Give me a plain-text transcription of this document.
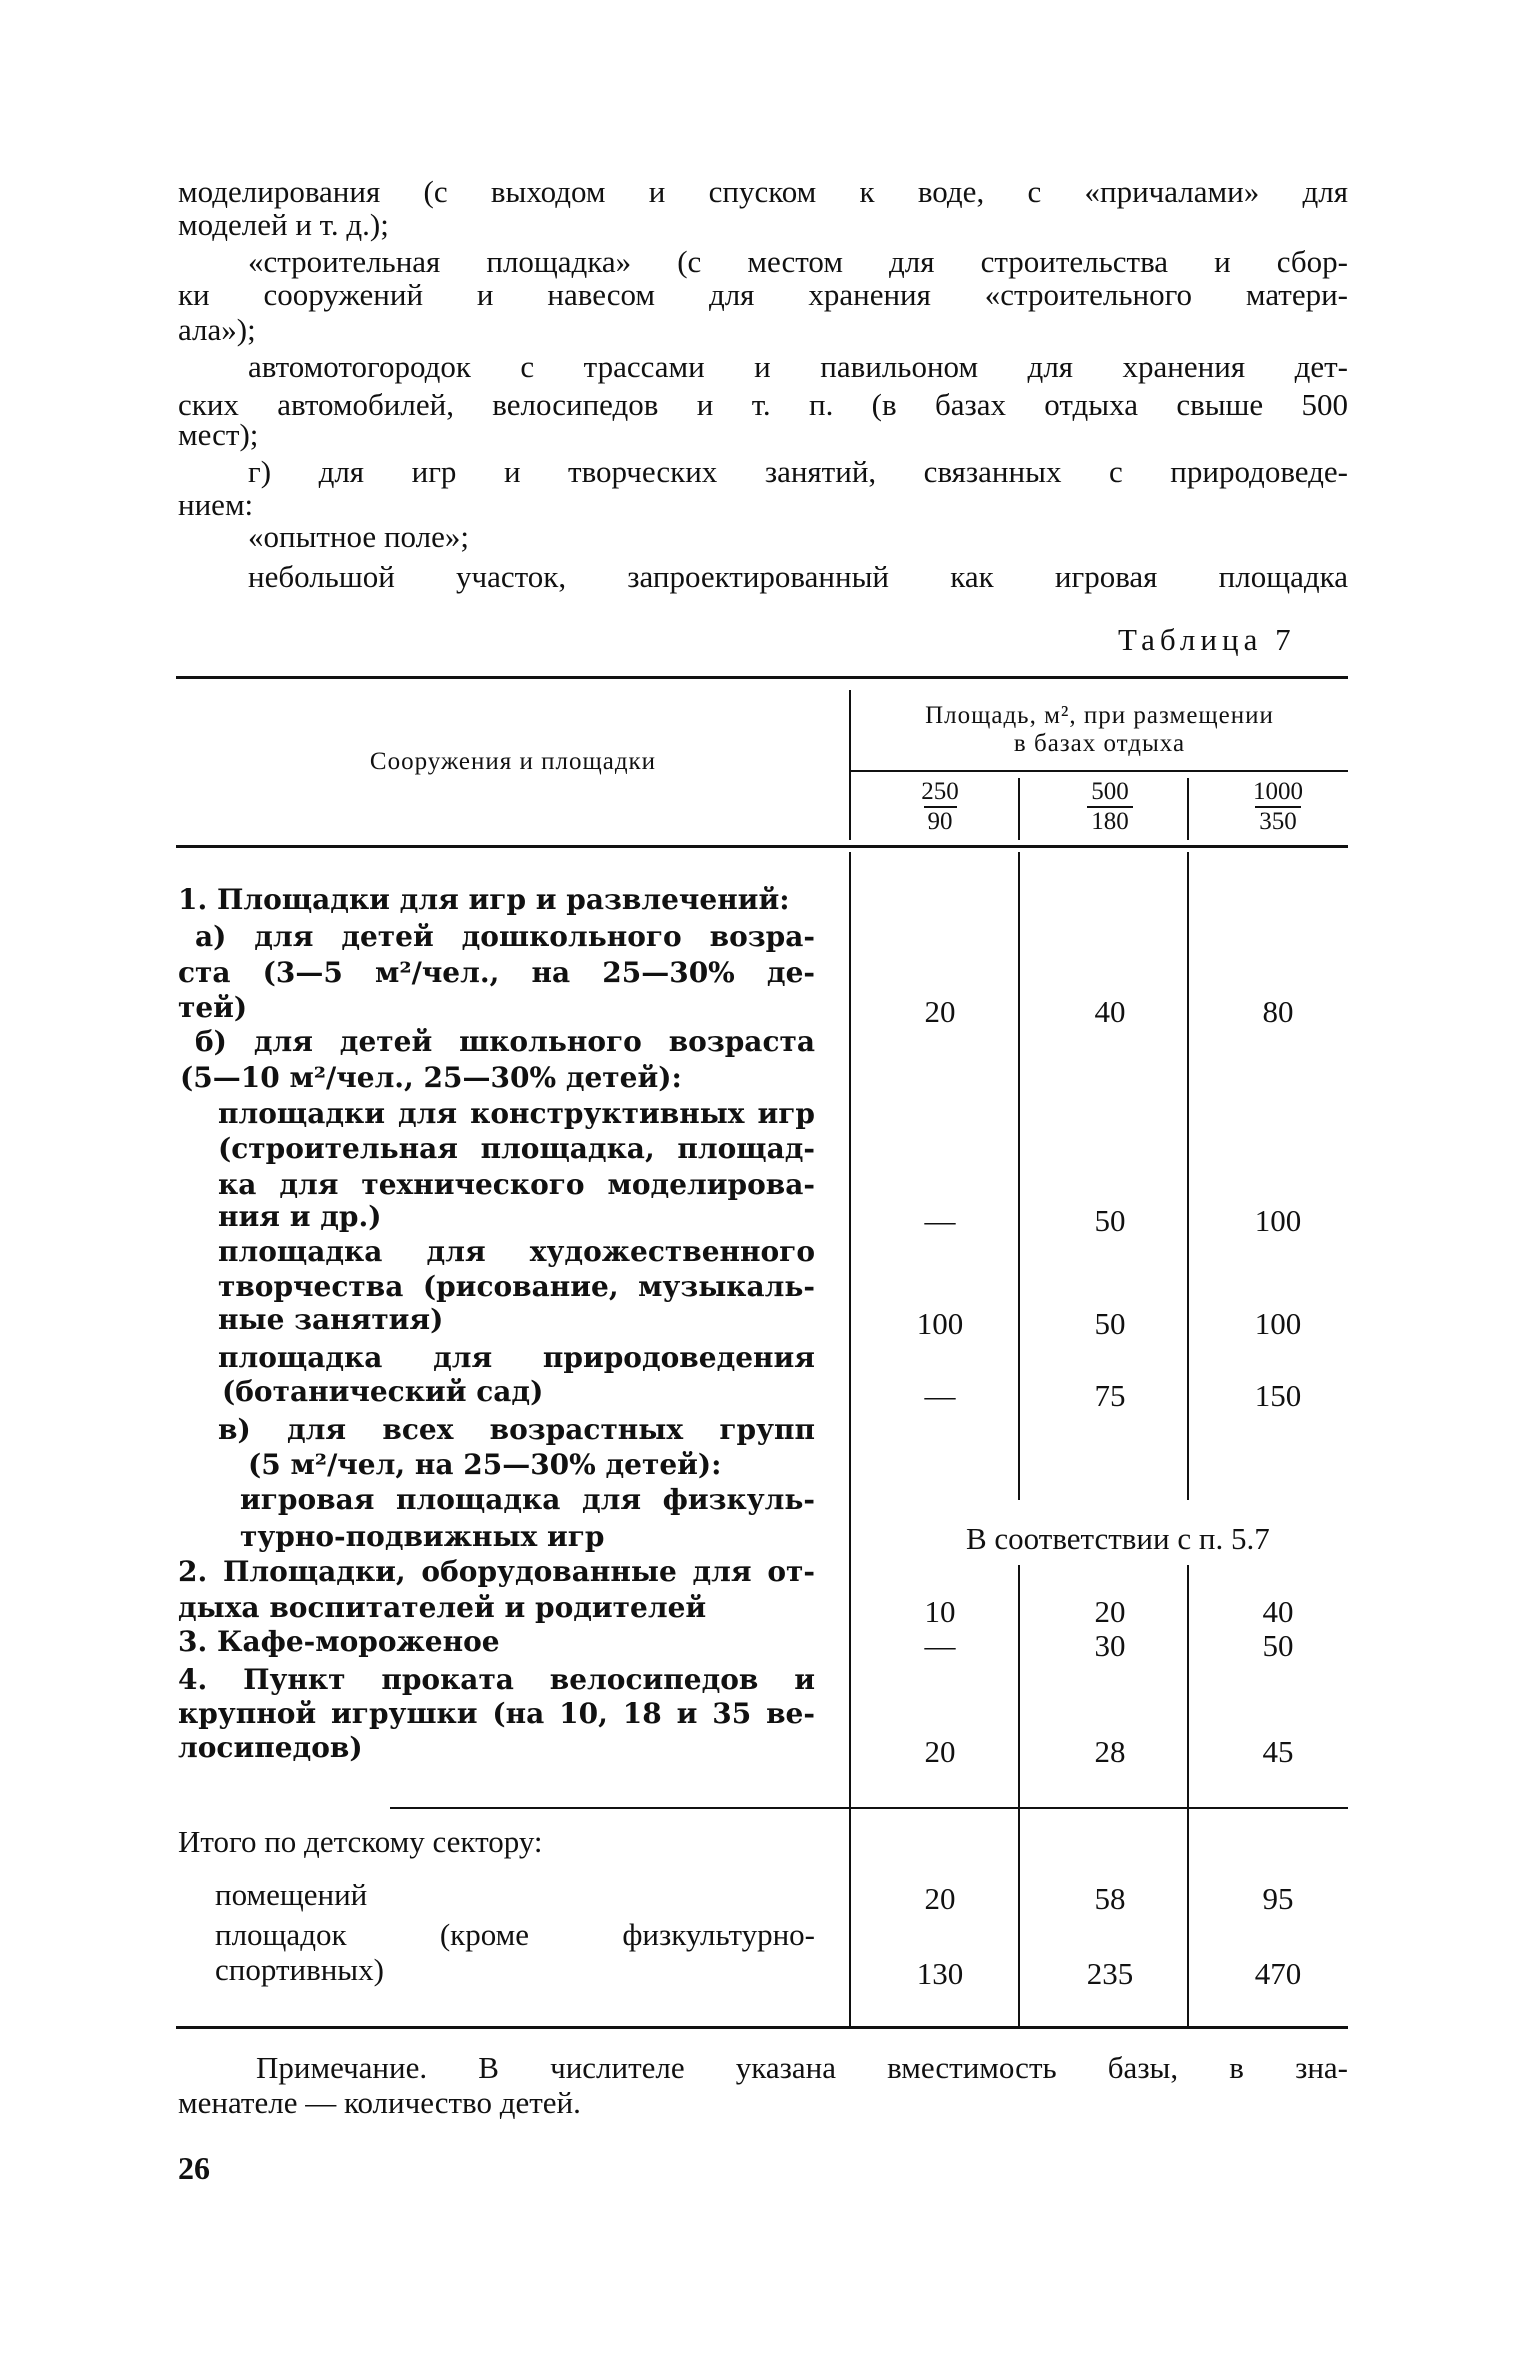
моделирования (с выходом и спуском к воде, с «причалами» для
моделей и т. д.);
«строительная площадка» (с местом для строительства и сбор-
ки сооружений и навесом для хранения «строительного матери-
ала»);
автомотогородок с трассами и павильоном для хранения дет-
ских автомобилей, велосипедов и т. п. (в базах отдыха свыше 500
мест);
г) для игр и творческих занятий, связанных с природоведе-
нием:
«опытное поле»;
небольшой участок, запроектированный как игровая площадка
Таблица 7
Сооружения и площадки
Площадь, м², при размещении
в базах отдыха
$\frac{250}{90}$	$\frac{500}{180}$	$\frac{1000}{350}$
1. Площадки для игр и развлечений:
а) для детей дошкольного возра-
ста (3—5 м²/чел., на 25—30% де-
тей)	20	40	80
б) для детей школьного возраста
(5—10 м²/чел., 25—30% детей):
площадки для конструктивных игр
(строительная площадка, площад-
ка для технического моделирова-
ния и др.)	—	50	100
площадка для художественного
творчества (рисование, музыкаль-
ные занятия)	100	50	100
площадка для природоведения
(ботанический сад)	—	75	150
в) для всех возрастных групп
(5 м²/чел, на 25—30% детей):
игровая площадка для физкуль-
турно-подвижных игр	В соответствии с п. 5.7
2. Площадки, оборудованные для от-
дыха воспитателей и родителей	10	20	40
3. Кафе-мороженое	—	30	50
4. Пункт проката велосипедов и
крупной игрушки (на 10, 18 и 35 ве-
лосипедов)	20	28	45
Итого по детскому сектору:
помещений	20	58	95
площадок (кроме физкультурно-
спортивных)	130	235	470
Примечание. В числителе указана вместимость базы, в зна-
менателе — количество детей.
26
